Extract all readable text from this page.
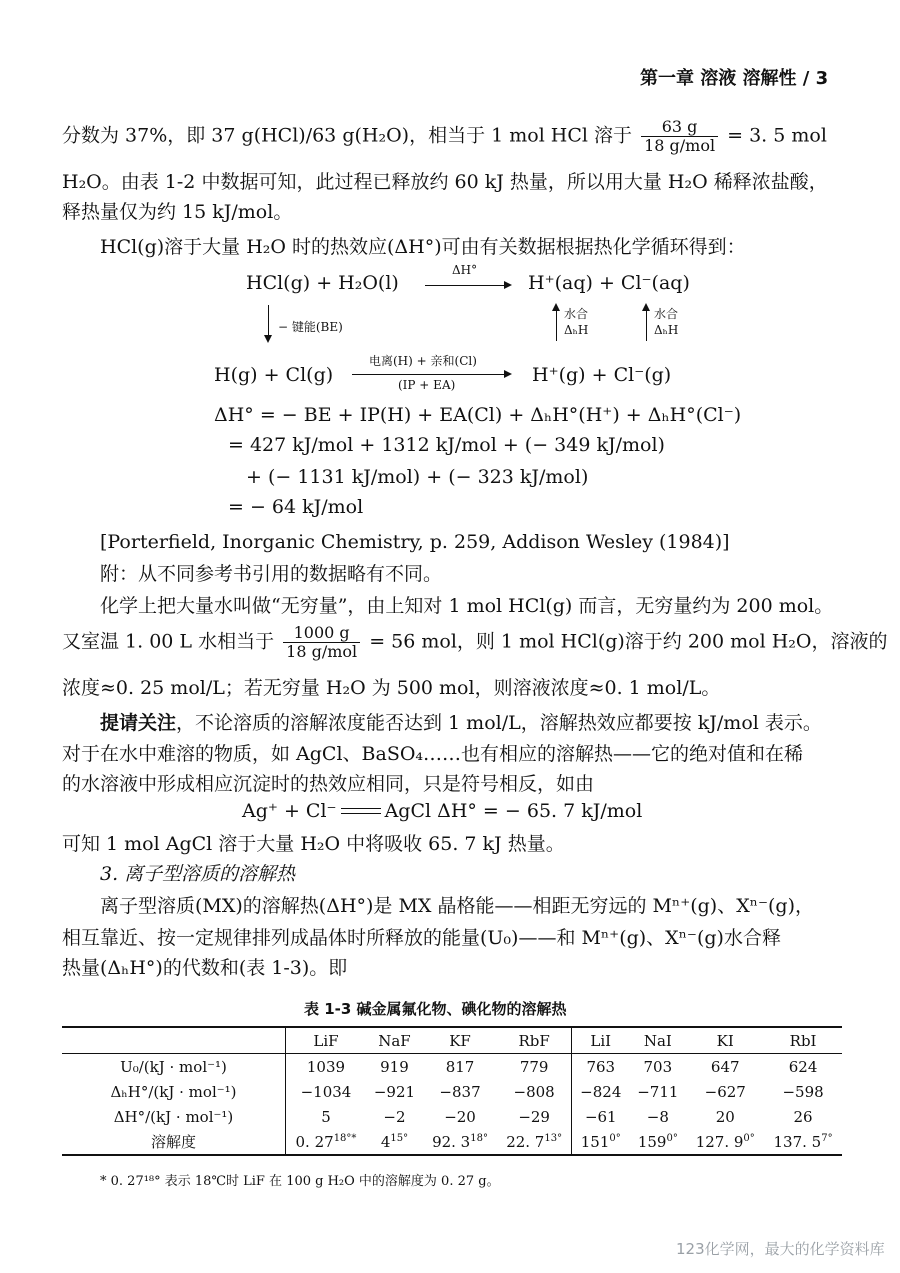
第一章 溶液 溶解性 / 3
分数为 37%，即 37 g(HCl)/63 g(H₂O)，相当于 1 mol HCl 溶于 $\frac{63 g}{\text{18 g/mol}} = 3$. 5 mol
H₂O。由表 1-2 中数据可知，此过程已释放约 60 kJ 热量，所以用大量 H₂O 稀释浓盐酸，
释热量仅为约 15 kJ/mol。
HCl(g)溶于大量 H₂O 时的热效应(ΔH°)可由有关数据根据热化学循环得到：
HCl(g) + H₂O(l)
ΔH°
H⁺(aq) + Cl⁻(aq)
− 键能(BE)
水合
ΔₕH
水合
ΔₕH
H(g) + Cl(g)
电离(H) + 亲和(Cl)
(IP + EA)	H⁺(g) + Cl⁻(g)
ΔH° = − BE + IP(H) + EA(Cl) + ΔₕH°(H⁺) + ΔₕH°(Cl⁻)
= 427 kJ/mol + 1312 kJ/mol + (− 349 kJ/mol)
+ (− 1131 kJ/mol) + (− 323 kJ/mol)
= − 64 kJ/mol
[Porterfield, Inorganic Chemistry, p. 259, Addison Wesley (1984)]
附：从不同参考书引用的数据略有不同。
化学上把大量水叫做“无穷量”，由上知对 1 mol HCl(g) 而言，无穷量约为 200 mol。
又室温 1. 00 L 水相当于 $\frac{1000 g}{\text{18 g/mol}} = 56$ mol，则 1 mol HCl(g)溶于约 200 mol H₂O，溶液的
浓度≈0. 25 mol/L；若无穷量 H₂O 为 500 mol，则溶液浓度≈0. 1 mol/L。
提请关注，不论溶质的溶解浓度能否达到 1 mol/L，溶解热效应都要按 kJ/mol 表示。
对于在水中难溶的物质，如 AgCl、BaSO₄……也有相应的溶解热——它的绝对值和在稀
的水溶液中形成相应沉淀时的热效应相同，只是符号相反，如由
Ag⁺ + Cl⁻	AgCl ΔH° = − 65. 7 kJ/mol
可知 1 mol AgCl 溶于大量 H₂O 中将吸收 65. 7 kJ 热量。
3. 离子型溶质的溶解热
离子型溶质(MX)的溶解热(ΔH°)是 MX 晶格能——相距无穷远的 Mⁿ⁺(g)、Xⁿ⁻(g)，
相互靠近、按一定规律排列成晶体时所释放的能量(U₀)——和 Mⁿ⁺(g)、Xⁿ⁻(g)水合释
热量(ΔₕH°)的代数和(表 1-3)。即
表 1-3 碱金属氟化物、碘化物的溶解热
	LiF	NaF	KF	RbF	LiI	NaI	KI	RbI
U₀/(kJ · mol⁻¹)	1039	919	817	779	763	703	647	624
ΔₕH°/(kJ · mol⁻¹)	−1034	−921	−837	−808	−824	−711	−627	−598
ΔH°/(kJ · mol⁻¹)	5	−2	−20	−29	−61	−8	20	26
溶解度	0. $27^{18^\circ*}$	$4^{15^\circ}$	92. $3^{18^\circ}$	22. $7^{13^\circ}$	$151^{0^\circ}$	$159^{0^\circ}$	127. $9^{0^\circ}$	137. $5^{7^\circ}$
* 0. 27¹⁸° 表示 18℃时 LiF 在 100 g H₂O 中的溶解度为 0. 27 g。
123化学网，最大的化学资料库
